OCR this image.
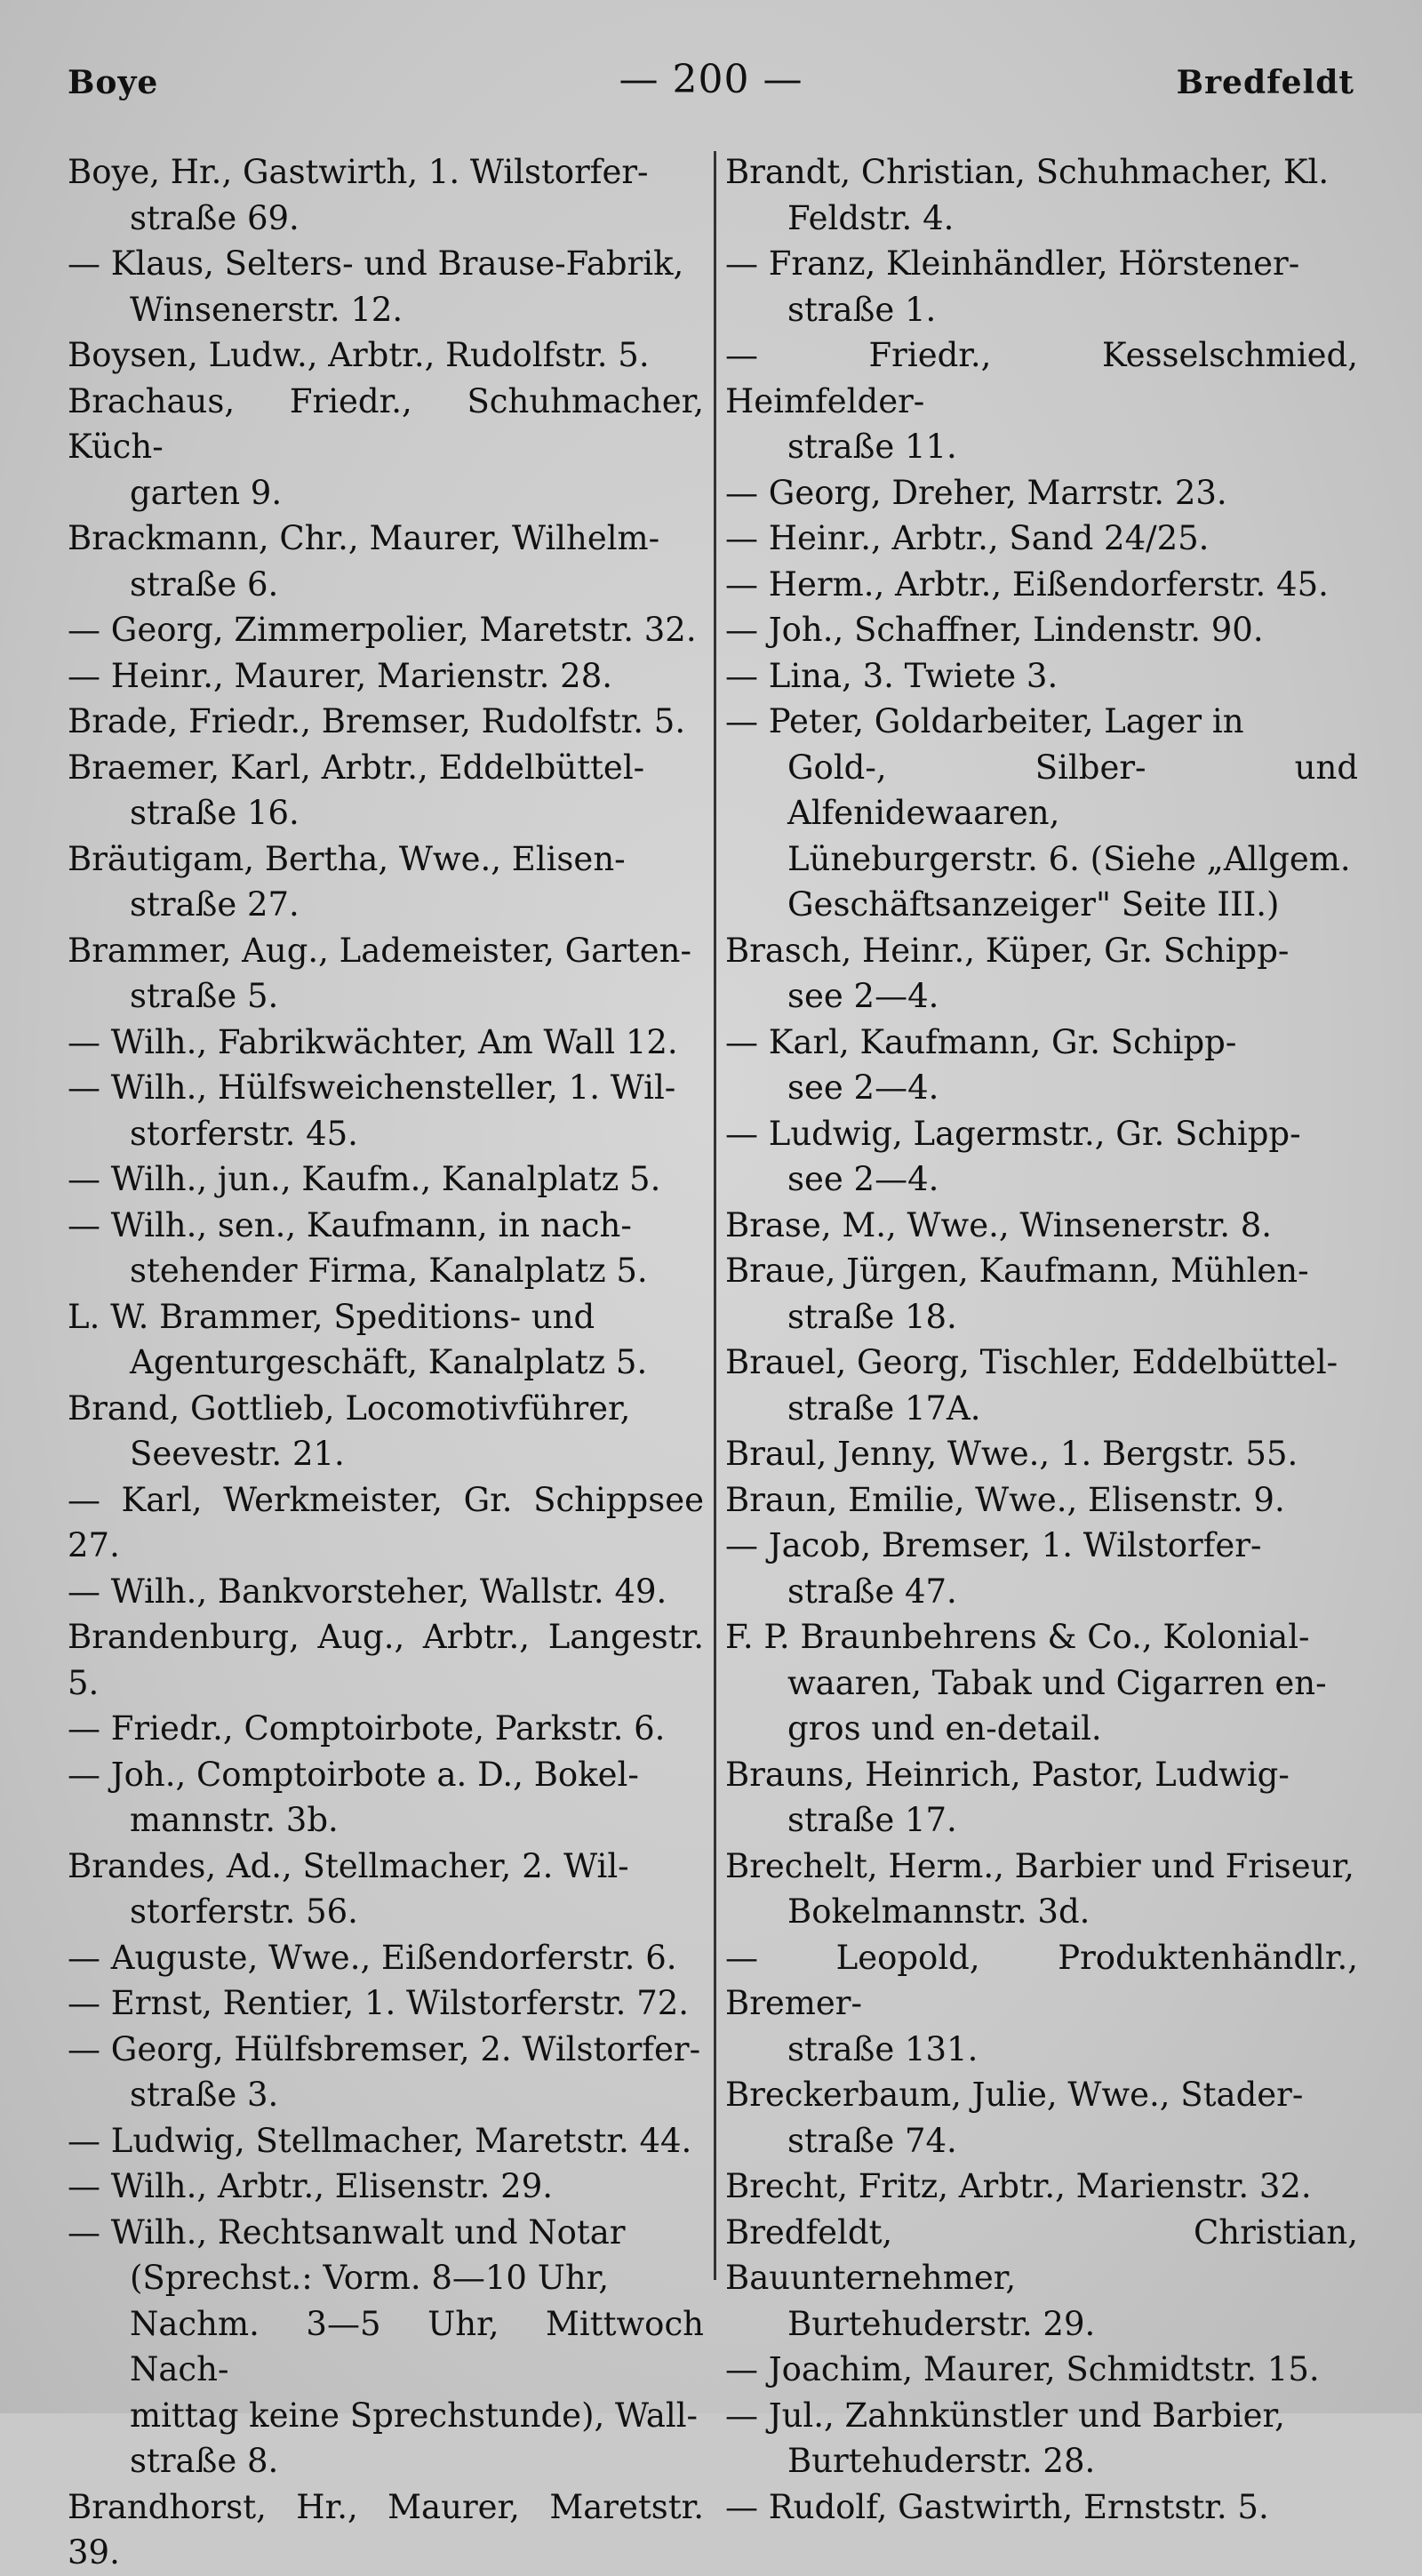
Boye	— 200 —	Bredfeldt
Boye, Hr., Gastwirth, 1. Wilstorfer-
straße 69.
— Klaus, Selters- und Brause-Fabrik,
Winsenerstr. 12.
Boysen, Ludw., Arbtr., Rudolfstr. 5.
Brachaus, Friedr., Schuhmacher, Küch-
garten 9.
Brackmann, Chr., Maurer, Wilhelm-
straße 6.
— Georg, Zimmerpolier, Maretstr. 32.
— Heinr., Maurer, Marienstr. 28.
Brade, Friedr., Bremser, Rudolfstr. 5.
Braemer, Karl, Arbtr., Eddelbüttel-
straße 16.
Bräutigam, Bertha, Wwe., Elisen-
straße 27.
Brammer, Aug., Lademeister, Garten-
straße 5.
— Wilh., Fabrikwächter, Am Wall 12.
— Wilh., Hülfsweichensteller, 1. Wil-
storferstr. 45.
— Wilh., jun., Kaufm., Kanalplatz 5.
— Wilh., sen., Kaufmann, in nach-
stehender Firma, Kanalplatz 5.
L. W. Brammer, Speditions- und
Agenturgeschäft, Kanalplatz 5.
Brand, Gottlieb, Locomotivführer,
Seevestr. 21.
— Karl, Werkmeister, Gr. Schippsee 27.
— Wilh., Bankvorsteher, Wallstr. 49.
Brandenburg, Aug., Arbtr., Langestr. 5.
— Friedr., Comptoirbote, Parkstr. 6.
— Joh., Comptoirbote a. D., Bokel-
mannstr. 3b.
Brandes, Ad., Stellmacher, 2. Wil-
storferstr. 56.
— Auguste, Wwe., Eißendorferstr. 6.
— Ernst, Rentier, 1. Wilstorferstr. 72.
— Georg, Hülfsbremser, 2. Wilstorfer-
straße 3.
— Ludwig, Stellmacher, Maretstr. 44.
— Wilh., Arbtr., Elisenstr. 29.
— Wilh., Rechtsanwalt und Notar
(Sprechst.: Vorm. 8—10 Uhr,
Nachm. 3—5 Uhr, Mittwoch Nach-
mittag keine Sprechstunde), Wall-
straße 8.
Brandhorst, Hr., Maurer, Maretstr. 39.
Brandt, Christian, Schuhmacher, Kl.
Feldstr. 4.
— Franz, Kleinhändler, Hörstener-
straße 1.
— Friedr., Kesselschmied, Heimfelder-
straße 11.
— Georg, Dreher, Marrstr. 23.
— Heinr., Arbtr., Sand 24/25.
— Herm., Arbtr., Eißendorferstr. 45.
— Joh., Schaffner, Lindenstr. 90.
— Lina, 3. Twiete 3.
— Peter, Goldarbeiter, Lager in
Gold-, Silber- und Alfenidewaaren,
Lüneburgerstr. 6. (Siehe „Allgem.
Geschäftsanzeiger" Seite III.)
Brasch, Heinr., Küper, Gr. Schipp-
see 2—4.
— Karl, Kaufmann, Gr. Schipp-
see 2—4.
— Ludwig, Lagermstr., Gr. Schipp-
see 2—4.
Brase, M., Wwe., Winsenerstr. 8.
Braue, Jürgen, Kaufmann, Mühlen-
straße 18.
Brauel, Georg, Tischler, Eddelbüttel-
straße 17A.
Braul, Jenny, Wwe., 1. Bergstr. 55.
Braun, Emilie, Wwe., Elisenstr. 9.
— Jacob, Bremser, 1. Wilstorfer-
straße 47.
F. P. Braunbehrens & Co., Kolonial-
waaren, Tabak und Cigarren en-
gros und en-detail.
Brauns, Heinrich, Pastor, Ludwig-
straße 17.
Brechelt, Herm., Barbier und Friseur,
Bokelmannstr. 3d.
— Leopold, Produktenhändlr., Bremer-
straße 131.
Breckerbaum, Julie, Wwe., Stader-
straße 74.
Brecht, Fritz, Arbtr., Marienstr. 32.
Bredfeldt, Christian, Bauunternehmer,
Burtehuderstr. 29.
— Joachim, Maurer, Schmidtstr. 15.
— Jul., Zahnkünstler und Barbier,
Burtehuderstr. 28.
— Rudolf, Gastwirth, Ernststr. 5.
